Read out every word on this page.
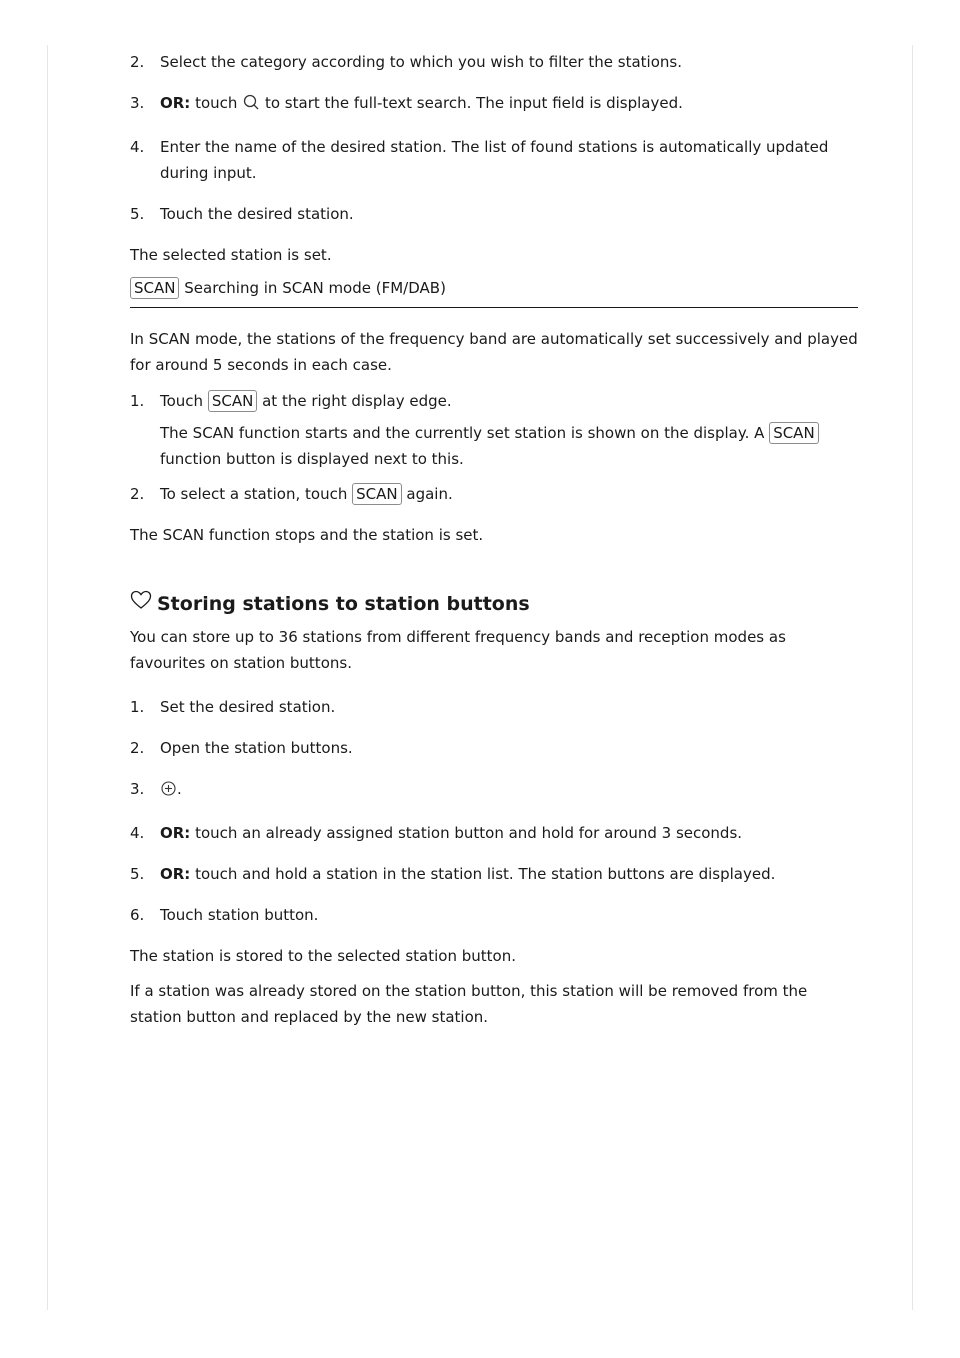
2.	Select the category according to which you wish to filter the stations.
3.	OR: touch to start the full-text search. The input field is displayed.
4.	Enter the name of the desired station. The list of found stations is automatically updated during input.
5.	Touch the desired station.

The selected station is set.

SCAN Searching in SCAN mode (FM/DAB)

In SCAN mode, the stations of the frequency band are automatically set successively and played for around 5 seconds in each case.

1.	Touch SCAN at the right display edge.
The SCAN function starts and the currently set station is shown on the display. A SCAN function button is displayed next to this.
2.	To select a station, touch SCAN again.

The SCAN function stops and the station is set.

Storing stations to station buttons

You can store up to 36 stations from different frequency bands and reception modes as favourites on station buttons.

1.	Set the desired station.
2.	Open the station buttons.
3.	.
4.	OR: touch an already assigned station button and hold for around 3 seconds.
5.	OR: touch and hold a station in the station list. The station buttons are displayed.
6.	Touch station button.

The station is stored to the selected station button.

If a station was already stored on the station button, this station will be removed from the station button and replaced by the new station.
